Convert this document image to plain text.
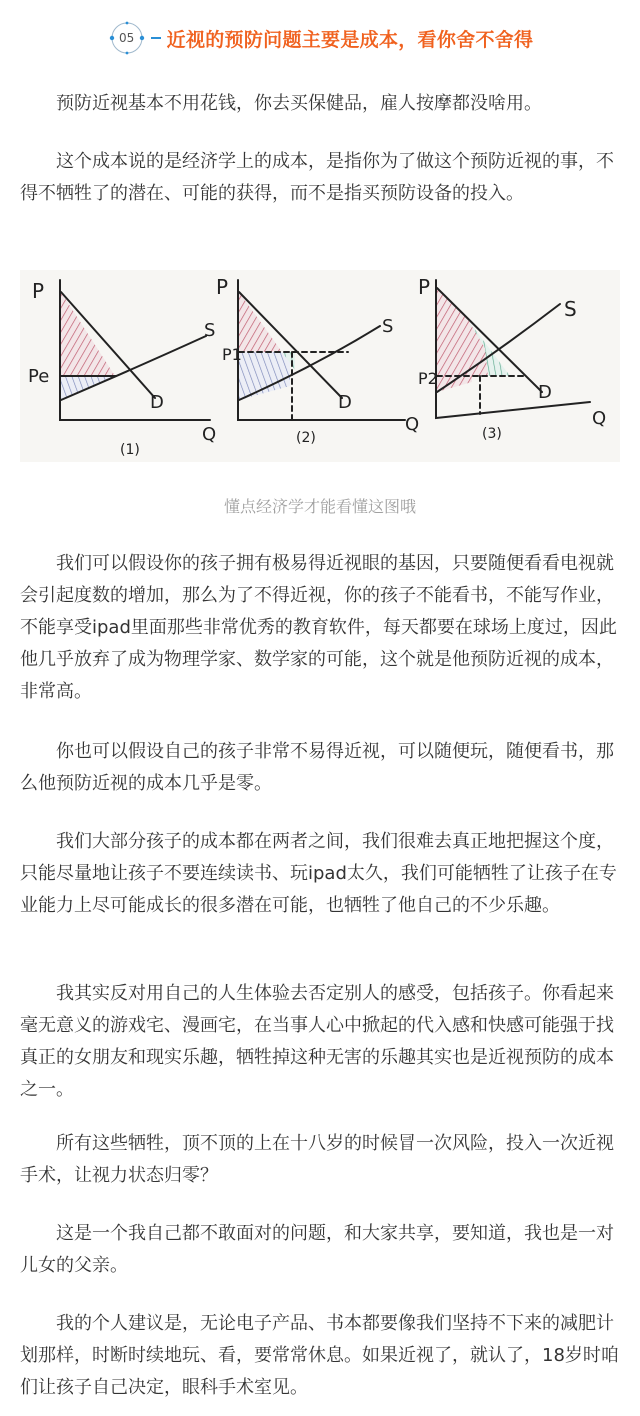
05	近视的预防问题主要是成本，看你舍不舍得

预防近视基本不用花钱，你去买保健品，雇人按摩都没啥用。

这个成本说的是经济学上的成本，是指你为了做这个预防近视的事，不得不牺牲了的潜在、可能的获得，而不是指买预防设备的投入。

P
Pe
S
D
Q
(1)
P
P1
S
D
Q
(2)
P
P2
S
D
Q
(3)
懂点经济学才能看懂这图哦

我们可以假设你的孩子拥有极易得近视眼的基因，只要随便看看电视就会引起度数的增加，那么为了不得近视，你的孩子不能看书，不能写作业，不能享受ipad里面那些非常优秀的教育软件，每天都要在球场上度过，因此他几乎放弃了成为物理学家、数学家的可能，这个就是他预防近视的成本，非常高。

你也可以假设自己的孩子非常不易得近视，可以随便玩，随便看书，那么他预防近视的成本几乎是零。

我们大部分孩子的成本都在两者之间，我们很难去真正地把握这个度，只能尽量地让孩子不要连续读书、玩ipad太久，我们可能牺牲了让孩子在专业能力上尽可能成长的很多潜在可能，也牺牲了他自己的不少乐趣。

我其实反对用自己的人生体验去否定别人的感受，包括孩子。你看起来毫无意义的游戏宅、漫画宅，在当事人心中掀起的代入感和快感可能强于找真正的女朋友和现实乐趣，牺牲掉这种无害的乐趣其实也是近视预防的成本之一。

所有这些牺牲，顶不顶的上在十八岁的时候冒一次风险，投入一次近视手术，让视力状态归零？

这是一个我自己都不敢面对的问题，和大家共享，要知道，我也是一对儿女的父亲。

我的个人建议是，无论电子产品、书本都要像我们坚持不下来的减肥计划那样，时断时续地玩、看，要常常休息。如果近视了，就认了，18岁时咱们让孩子自己决定，眼科手术室见。
